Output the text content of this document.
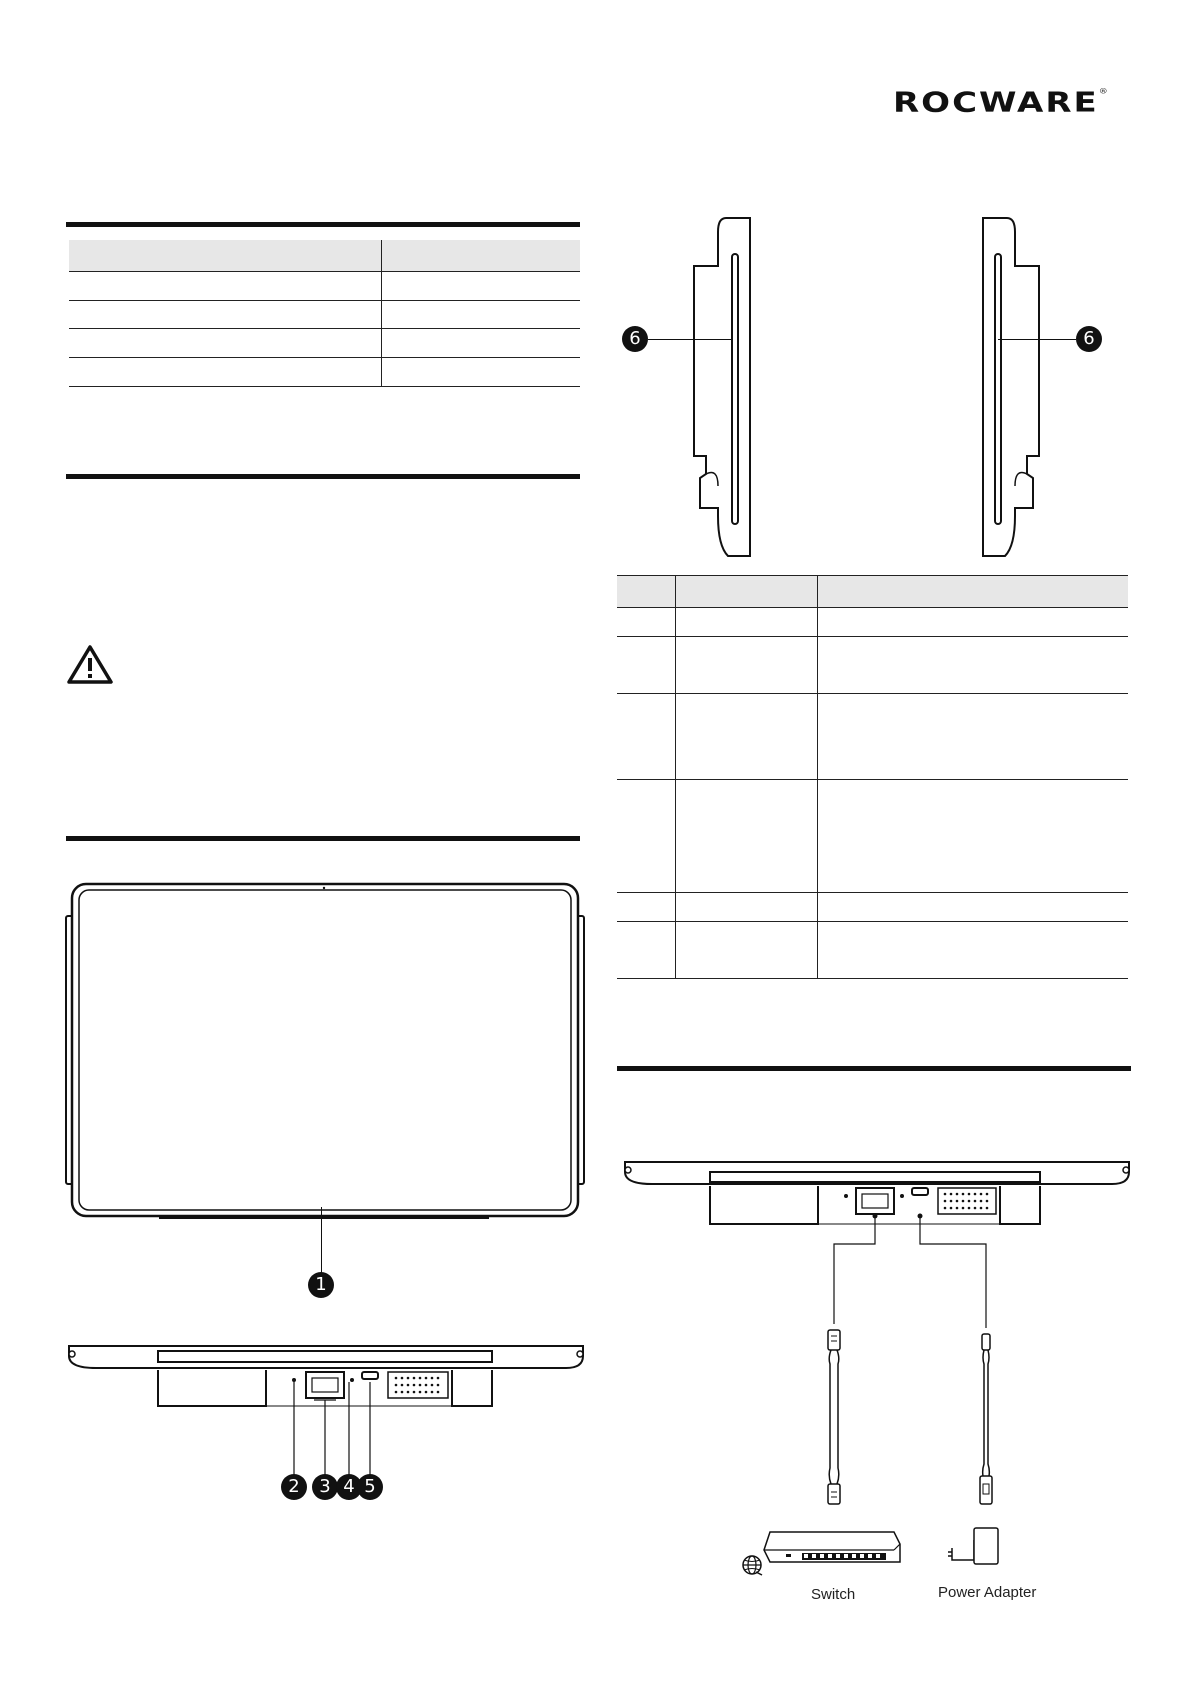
ROCWARE®
1
2	3 4 5
6	6
Switch	Power Adapter
